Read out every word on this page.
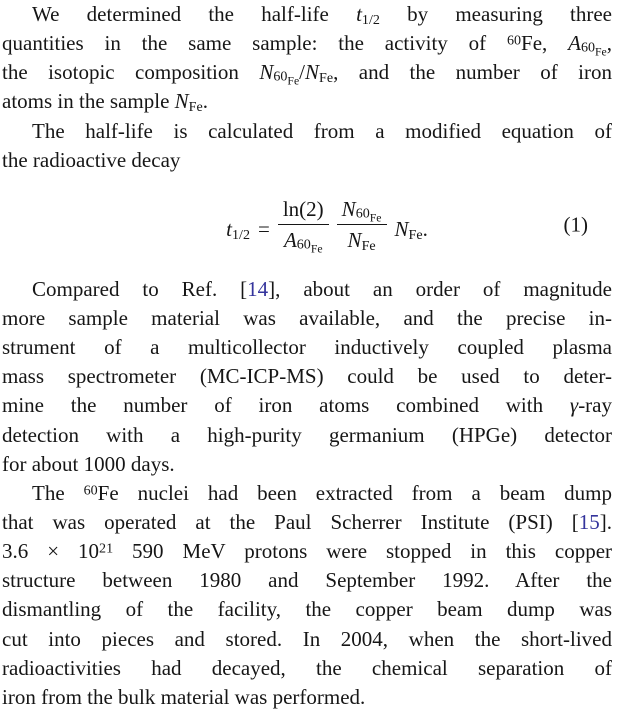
We determined the half-life t1/2 by measuring three
quantities in the same sample: the activity of $^{60}$Fe, $A60_{Fe}$,
the isotopic composition $N60_{Fe}$/NFe, and the number of iron
atoms in the sample NFe.
The half-life is calculated from a modified equation of
the radioactive decay
$t1/2 = \frac{\ln(2)}{A60_{Fe}} \frac{N60_{Fe}}{\text{NFe}}$ NFe.	(1)
Compared to Ref. [14], about an order of magnitude
more sample material was available, and the precise in-
strument of a multicollector inductively coupled plasma
mass spectrometer (MC-ICP-MS) could be used to deter-
mine the number of iron atoms combined with γ-ray
detection with a high-purity germanium (HPGe) detector
for about 1000 days.
The $^{60}$Fe nuclei had been extracted from a beam dump
that was operated at the Paul Scherrer Institute (PSI) [15].
$3.6 \times 10^{21}$ 590 MeV protons were stopped in this copper
structure between 1980 and September 1992. After the
dismantling of the facility, the copper beam dump was
cut into pieces and stored. In 2004, when the short-lived
radioactivities had decayed, the chemical separation of
iron from the bulk material was performed.
